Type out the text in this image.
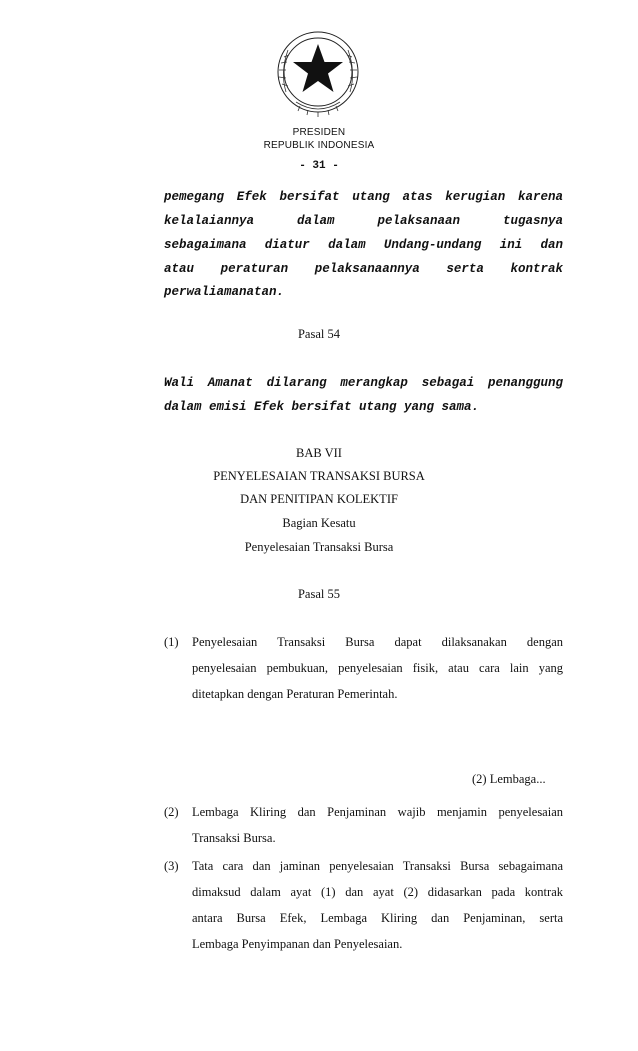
PRESIDEN
REPUBLIK INDONESIA
- 31 -
pemegang Efek bersifat utang atas kerugian karena
kelalaiannya dalam pelaksanaan tugasnya
sebagaimana diatur dalam Undang-undang ini dan
atau peraturan pelaksanaannya serta kontrak
perwaliamanatan.
Pasal 54
Wali Amanat dilarang merangkap sebagai penanggung
dalam emisi Efek bersifat utang yang sama.
BAB VII
PENYELESAIAN TRANSAKSI BURSA
DAN PENITIPAN KOLEKTIF
Bagian Kesatu
Penyelesaian Transaksi Bursa
Pasal 55
(1) Penyelesaian Transaksi Bursa dapat dilaksanakan dengan
penyelesaian pembukuan, penyelesaian fisik, atau cara lain yang
ditetapkan dengan Peraturan Pemerintah.
(2) Lembaga...
(2) Lembaga Kliring dan Penjaminan wajib menjamin penyelesaian
Transaksi Bursa.
(3) Tata cara dan jaminan penyelesaian Transaksi Bursa sebagaimana
dimaksud dalam ayat (1) dan ayat (2) didasarkan pada kontrak
antara Bursa Efek, Lembaga Kliring dan Penjaminan, serta
Lembaga Penyimpanan dan Penyelesaian.
